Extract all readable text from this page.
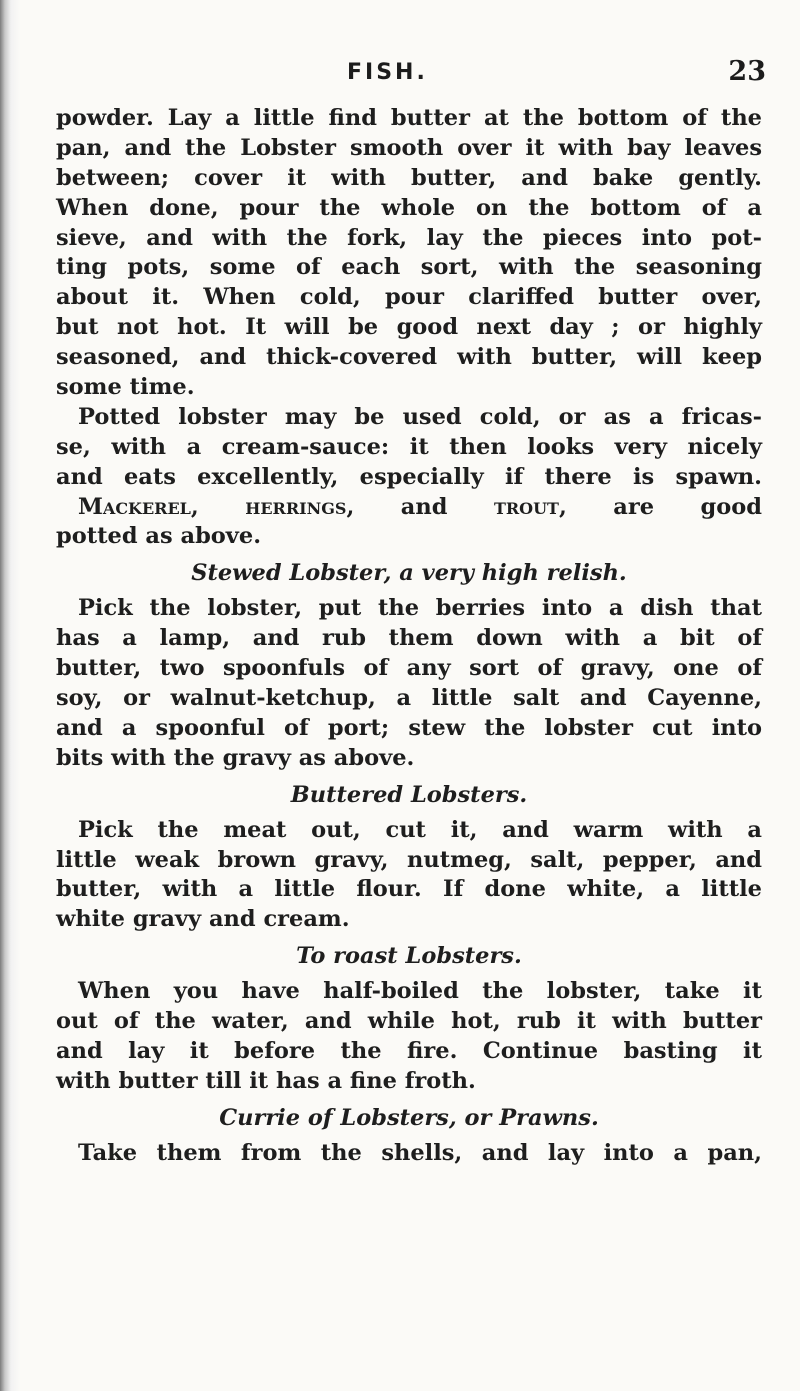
FISH.	23
powder. Lay a little find butter at the bottom of the
pan, and the Lobster smooth over it with bay leaves
between; cover it with butter, and bake gently.
When done, pour the whole on the bottom of a
sieve, and with the fork, lay the pieces into pot-
ting pots, some of each sort, with the seasoning
about it. When cold, pour clariffed butter over,
but not hot. It will be good next day ; or highly
seasoned, and thick-covered with butter, will keep
some time.
Potted lobster may be used cold, or as a fricas-
se, with a cream-sauce: it then looks very nicely
and eats excellently, especially if there is spawn.
Mackerel, herrings, and trout, are good
potted as above.
Stewed Lobster, a very high relish.
Pick the lobster, put the berries into a dish that
has a lamp, and rub them down with a bit of
butter, two spoonfuls of any sort of gravy, one of
soy, or walnut-ketchup, a little salt and Cayenne,
and a spoonful of port; stew the lobster cut into
bits with the gravy as above.
Buttered Lobsters.
Pick the meat out, cut it, and warm with a
little weak brown gravy, nutmeg, salt, pepper, and
butter, with a little flour. If done white, a little
white gravy and cream.
To roast Lobsters.
When you have half-boiled the lobster, take it
out of the water, and while hot, rub it with butter
and lay it before the fire. Continue basting it
with butter till it has a fine froth.
Currie of Lobsters, or Prawns.
Take them from the shells, and lay into a pan,
